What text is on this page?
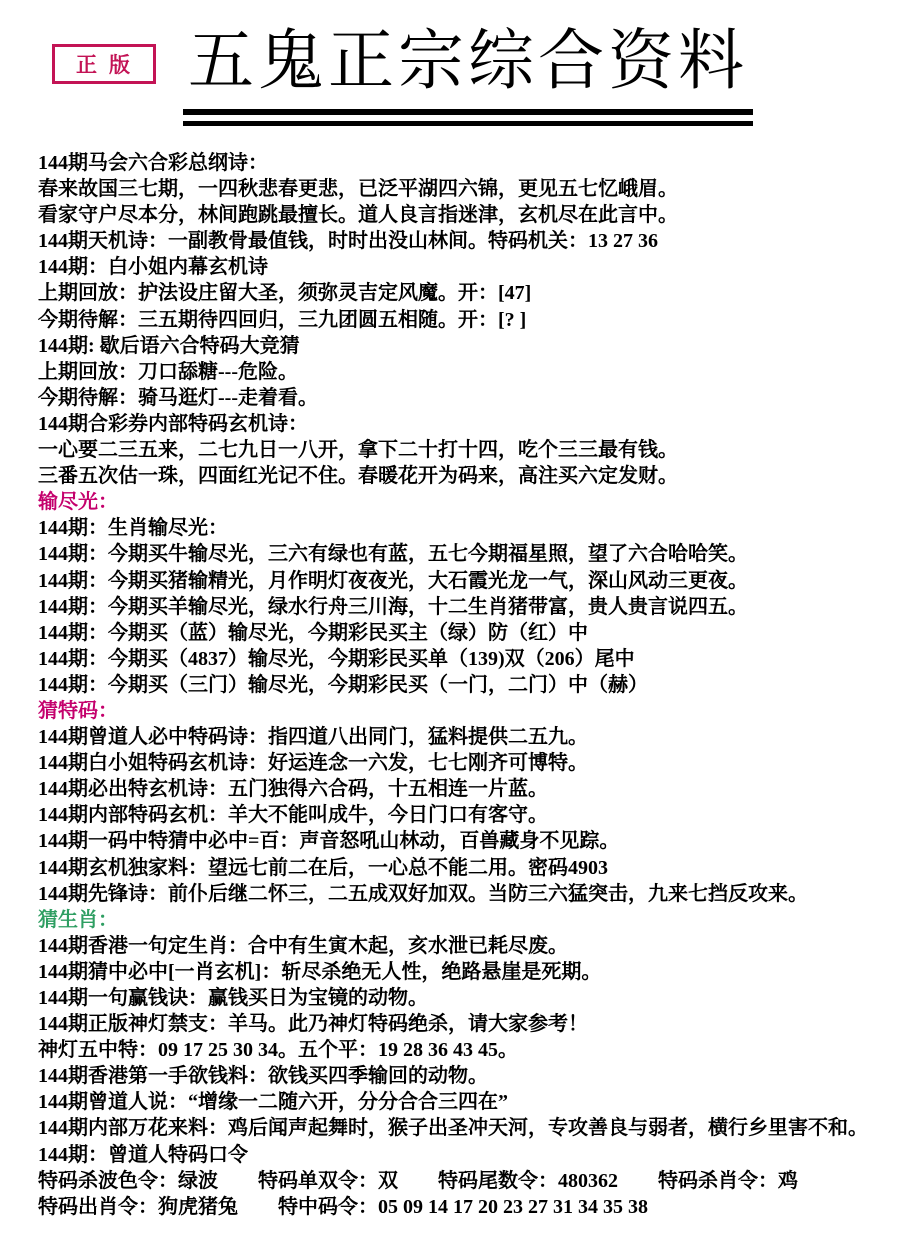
正版 五鬼正宗综合资料
144期马会六合彩总纲诗：
春来故国三七期，一四秋悲春更悲，已泛平湖四六锦，更见五七忆峨眉。
看家守户尽本分，林间跑跳最擅长。道人良言指迷津，玄机尽在此言中。
144期天机诗：一副教骨最值钱，时时出没山林间。特码机关：13 27 36
144期：白小姐内幕玄机诗
上期回放：护法设庄留大圣，须弥灵吉定风魔。开：[47]
今期待解：三五期待四回归，三九团圆五相随。开：[? ]
144期: 歇后语六合特码大竞猜
上期回放：刀口舔糖---危险。
今期待解：骑马逛灯---走着看。
144期合彩券内部特码玄机诗：
一心要二三五来，二七九日一八开，拿下二十打十四，吃个三三最有钱。
三番五次估一珠，四面红光记不住。春暖花开为码来，高注买六定发财。
输尽光：
144期：生肖输尽光：
144期：今期买牛输尽光，三六有绿也有蓝，五七今期福星照，望了六合哈哈笑。
144期：今期买猪输精光，月作明灯夜夜光，大石霞光龙一气，深山风动三更夜。
144期：今期买羊输尽光，绿水行舟三川海，十二生肖猪带富，贵人贵言说四五。
144期：今期买（蓝）输尽光，今期彩民买主（绿）防（红）中
144期：今期买（4837）输尽光，今期彩民买单（139)双（206）尾中
144期：今期买（三门）输尽光，今期彩民买（一门，二门）中（赫）
猜特码：
144期曾道人必中特码诗：指四道八出同门，猛料提供二五九。
144期白小姐特码玄机诗：好运连念一六发，七七刚齐可博特。
144期必出特玄机诗：五门独得六合码，十五相连一片蓝。
144期内部特码玄机：羊大不能叫成牛，今日门口有客守。
144期一码中特猜中必中=百：声音怒吼山林动，百兽藏身不见踪。
144期玄机独家料：望远七前二在后，一心总不能二用。密码4903
144期先锋诗：前仆后继二怀三，二五成双好加双。当防三六猛突击，九来七挡反攻来。
猜生肖：
144期香港一句定生肖：合中有生寅木起，亥水泄已耗尽废。
144期猜中必中[一肖玄机]：斩尽杀绝无人性，绝路悬崖是死期。
144期一句赢钱诀：赢钱买日为宝镜的动物。
144期正版神灯禁支：羊马。此乃神灯特码绝杀，请大家参考！
神灯五中特：09 17 25 30 34。五个平：19 28 36 43 45。
144期香港第一手欲钱料：欲钱买四季输回的动物。
144期曾道人说：“增缘一二随六开，分分合合三四在”
144期内部万花来料：鸡后闻声起舞时，猴子出圣冲天河，专攻善良与弱者，横行乡里害不和。
144期：曾道人特码口令
特码杀波色令：绿波　　特码单双令：双　　特码尾数令：480362　　特码杀肖令：鸡
特码出肖令：狗虎猪兔　　特中码令：05 09 14 17 20 23 27 31 34 35 38
